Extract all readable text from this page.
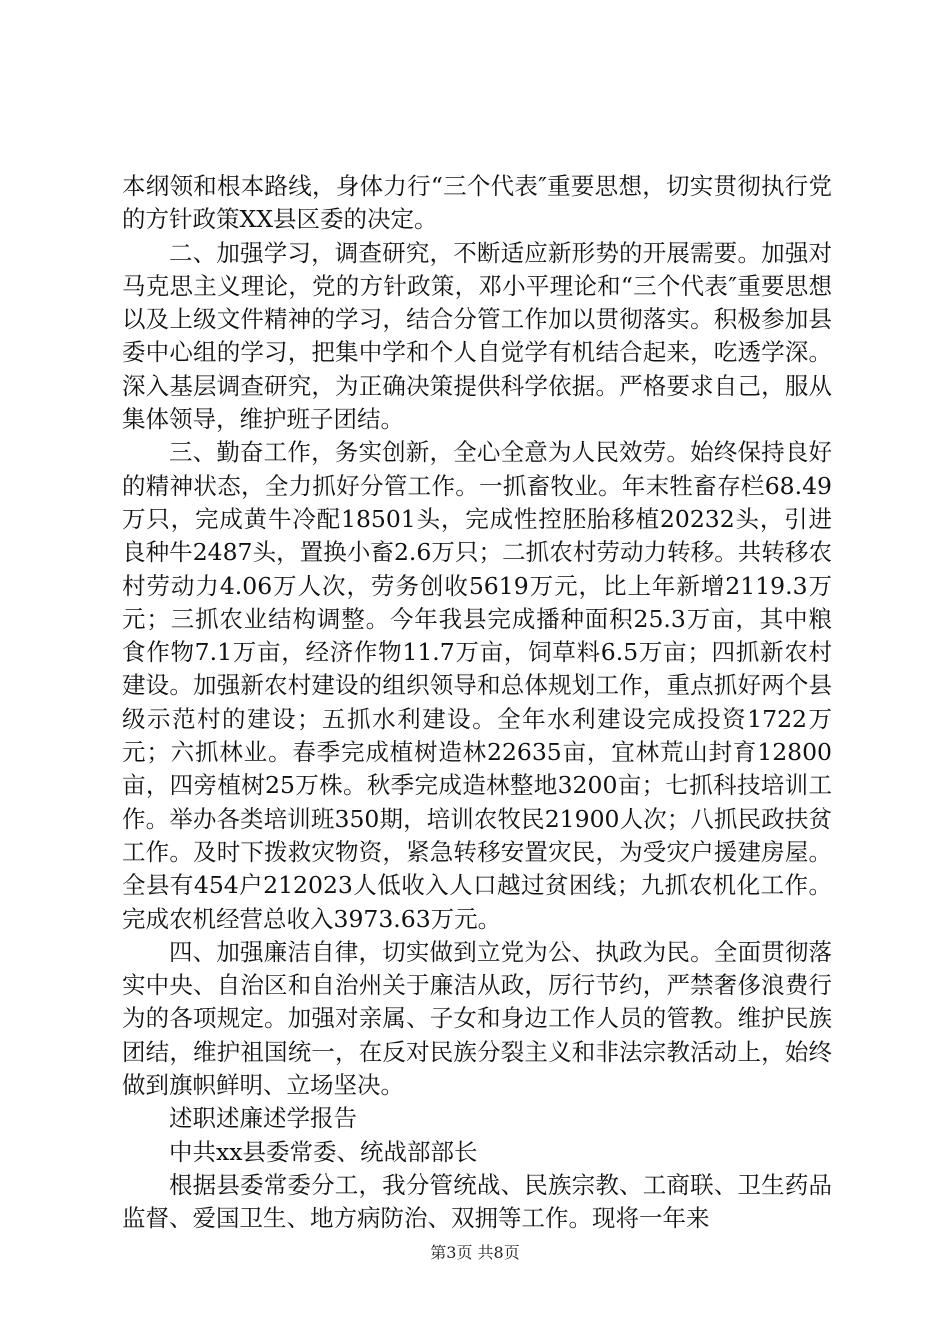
本纲领和根本路线，身体力行“三个代表″重要思想，切实贯彻执行党的方针政策XX县区委的决定。

二、加强学习，调查研究，不断适应新形势的开展需要。加强对马克思主义理论，党的方针政策，邓小平理论和“三个代表″重要思想以及上级文件精神的学习，结合分管工作加以贯彻落实。积极参加县委中心组的学习，把集中学和个人自觉学有机结合起来，吃透学深。深入基层调查研究，为正确决策提供科学依据。严格要求自己，服从集体领导，维护班子团结。

三、勤奋工作，务实创新，全心全意为人民效劳。始终保持良好的精神状态，全力抓好分管工作。一抓畜牧业。年末牲畜存栏68.49万只，完成黄牛冷配18501头，完成性控胚胎移植20232头，引进良种牛2487头，置换小畜2.6万只；二抓农村劳动力转移。共转移农村劳动力4.06万人次，劳务创收5619万元，比上年新增2119.3万元；三抓农业结构调整。今年我县完成播种面积25.3万亩，其中粮食作物7.1万亩，经济作物11.7万亩，饲草料6.5万亩；四抓新农村建设。加强新农村建设的组织领导和总体规划工作，重点抓好两个县级示范村的建设；五抓水利建设。全年水利建设完成投资1722万元；六抓林业。春季完成植树造林22635亩，宜林荒山封育12800亩，四旁植树25万株。秋季完成造林整地3200亩；七抓科技培训工作。举办各类培训班350期，培训农牧民21900人次；八抓民政扶贫工作。及时下拨救灾物资，紧急转移安置灾民，为受灾户援建房屋。全县有454户212023人低收入人口越过贫困线；九抓农机化工作。完成农机经营总收入3973.63万元。

四、加强廉洁自律，切实做到立党为公、执政为民。全面贯彻落实中央、自治区和自治州关于廉洁从政，厉行节约，严禁奢侈浪费行为的各项规定。加强对亲属、子女和身边工作人员的管教。维护民族团结，维护祖国统一，在反对民族分裂主义和非法宗教活动上，始终做到旗帜鲜明、立场坚决。

述职述廉述学报告

中共xx县委常委、统战部部长

根据县委常委分工，我分管统战、民族宗教、工商联、卫生药品监督、爱国卫生、地方病防治、双拥等工作。现将一年来

第3页 共8页
